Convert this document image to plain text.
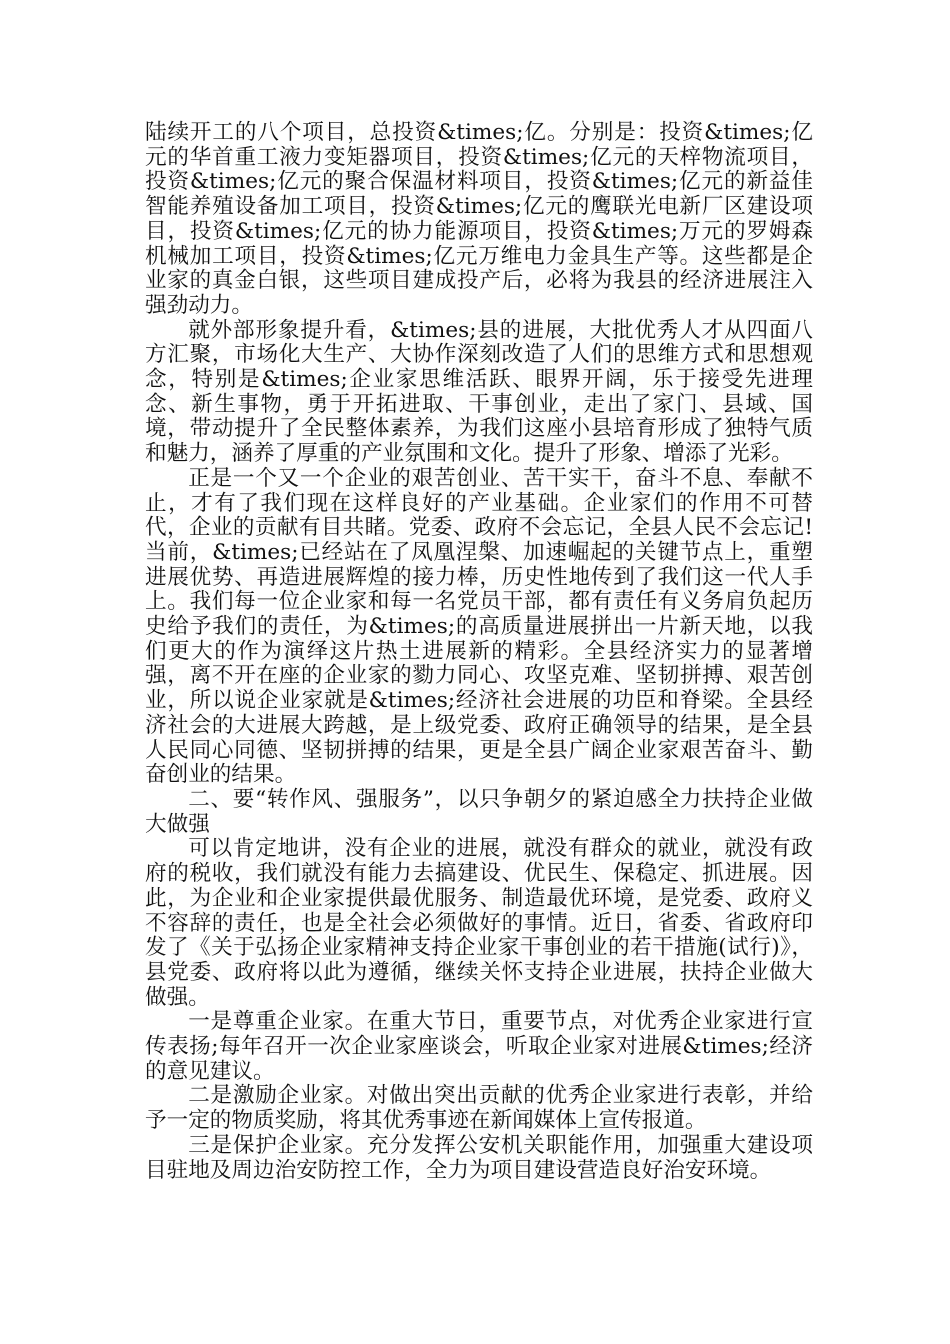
陆续开工的八个项目，总投资&times;亿。分别是：投资&times;亿元的华首重工液力变矩器项目，投资&times;亿元的天梓物流项目，投资&times;亿元的聚合保温材料项目，投资&times;亿元的新益佳智能养殖设备加工项目，投资&times;亿元的鹰联光电新厂区建设项目，投资&times;亿元的协力能源项目，投资&times;万元的罗姆森机械加工项目，投资&times;亿元万维电力金具生产等。这些都是企业家的真金白银，这些项目建成投产后，必将为我县的经济进展注入强劲动力。

就外部形象提升看，&times;县的进展，大批优秀人才从四面八方汇聚，市场化大生产、大协作深刻改造了人们的思维方式和思想观念，特别是&times;企业家思维活跃、眼界开阔，乐于接受先进理念、新生事物，勇于开拓进取、干事创业，走出了家门、县域、国境，带动提升了全民整体素养，为我们这座小县培育形成了独特气质和魅力，涵养了厚重的产业氛围和文化。提升了形象、增添了光彩。

正是一个又一个企业的艰苦创业、苦干实干，奋斗不息、奉献不止，才有了我们现在这样良好的产业基础。企业家们的作用不可替代，企业的贡献有目共睹。党委、政府不会忘记，全县人民不会忘记!当前，&times;已经站在了凤凰涅槃、加速崛起的关键节点上，重塑进展优势、再造进展辉煌的接力棒，历史性地传到了我们这一代人手上。我们每一位企业家和每一名党员干部，都有责任有义务肩负起历史给予我们的责任，为&times;的高质量进展拼出一片新天地，以我们更大的作为演绎这片热土进展新的精彩。全县经济实力的显著增强，离不开在座的企业家的勠力同心、攻坚克难、坚韧拼搏、艰苦创业，所以说企业家就是&times;经济社会进展的功臣和脊梁。全县经济社会的大进展大跨越，是上级党委、政府正确领导的结果，是全县人民同心同德、坚韧拼搏的结果，更是全县广阔企业家艰苦奋斗、勤奋创业的结果。

二、要“转作风、强服务”，以只争朝夕的紧迫感全力扶持企业做大做强

可以肯定地讲，没有企业的进展，就没有群众的就业，就没有政府的税收，我们就没有能力去搞建设、优民生、保稳定、抓进展。因此，为企业和企业家提供最优服务、制造最优环境，是党委、政府义不容辞的责任，也是全社会必须做好的事情。近日，省委、省政府印发了《关于弘扬企业家精神支持企业家干事创业的若干措施(试行)》，县党委、政府将以此为遵循，继续关怀支持企业进展，扶持企业做大做强。

一是尊重企业家。在重大节日，重要节点，对优秀企业家进行宣传表扬;每年召开一次企业家座谈会，听取企业家对进展&times;经济的意见建议。

二是激励企业家。对做出突出贡献的优秀企业家进行表彰，并给予一定的物质奖励，将其优秀事迹在新闻媒体上宣传报道。

三是保护企业家。充分发挥公安机关职能作用，加强重大建设项目驻地及周边治安防控工作，全力为项目建设营造良好治安环境。
